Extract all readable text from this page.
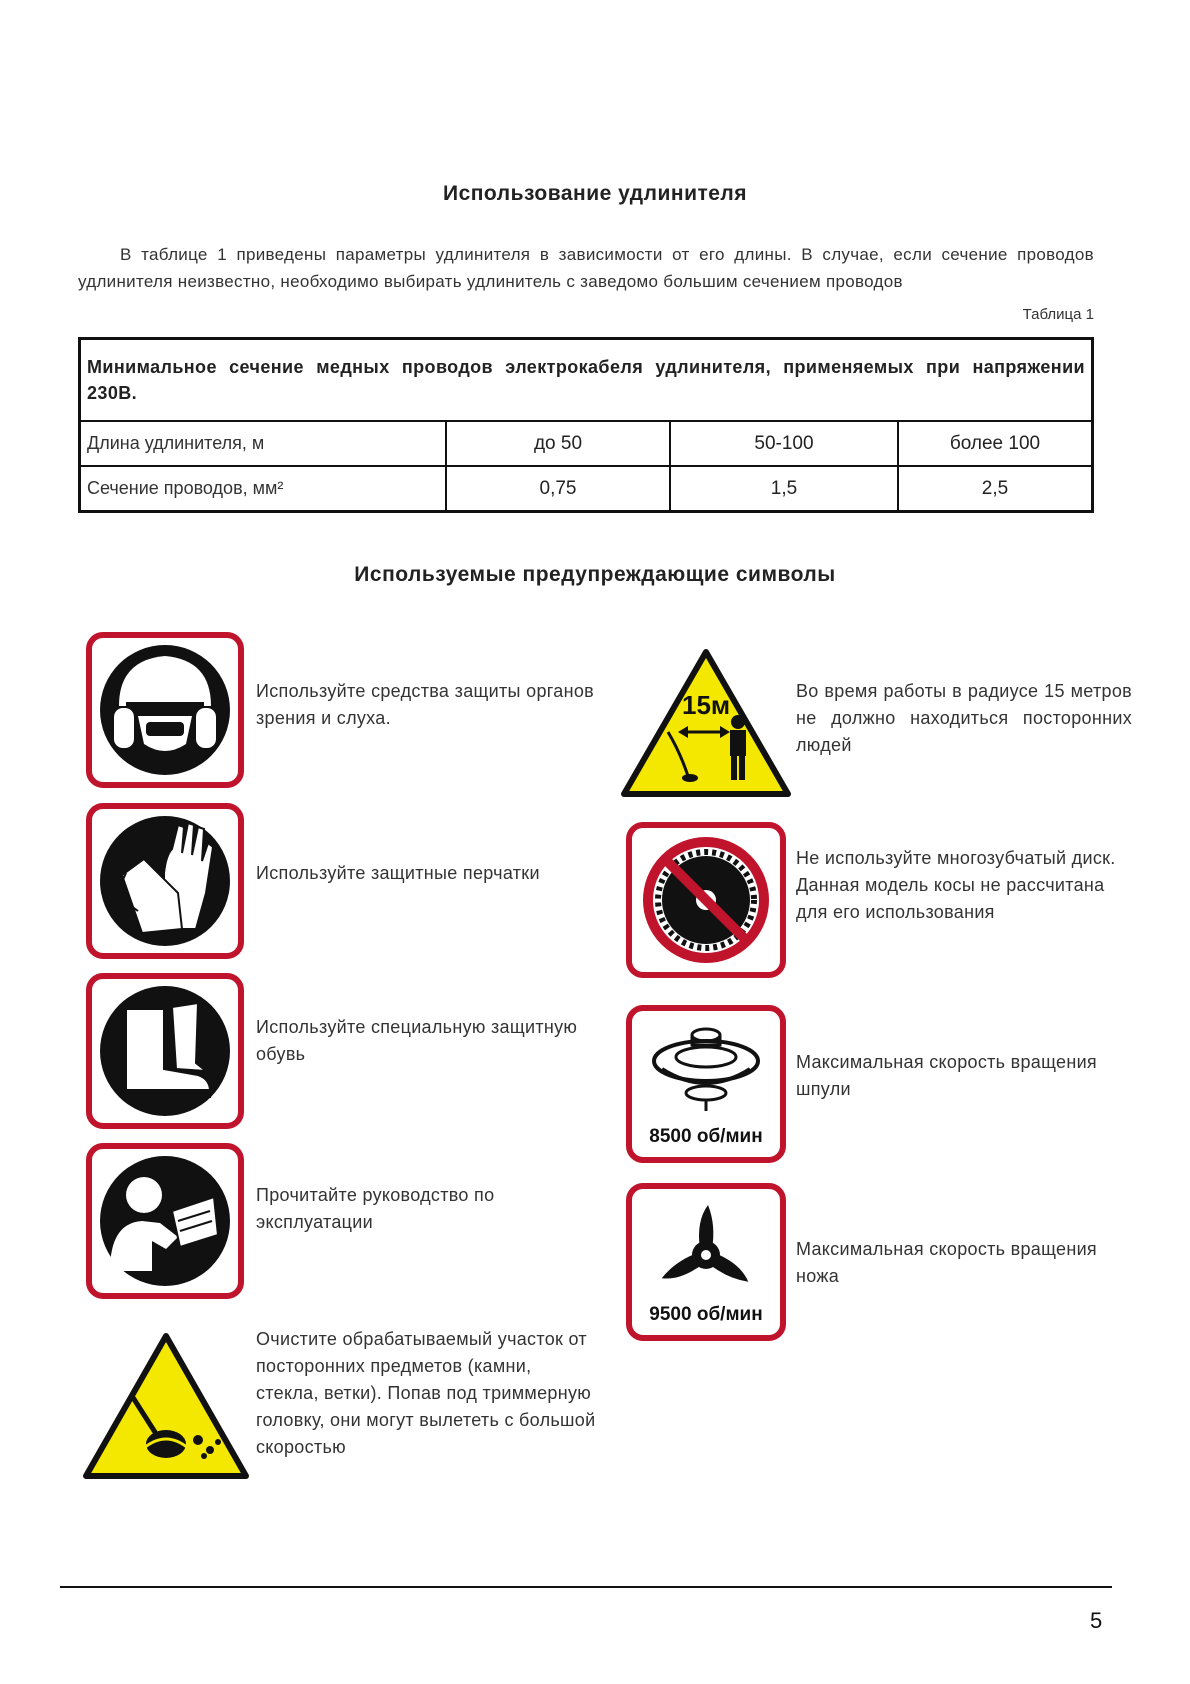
Использование удлинителя
В таблице 1 приведены параметры удлинителя в зависимости от его длины. В случае, если сечение проводов удлинителя неизвестно, необходимо выбирать удлинитель с заведомо большим сечением проводов
Таблица 1
Минимальное сечение медных проводов электрокабеля удлинителя, применяемых при напряжении 230В.			
Длина удлинителя, м	до 50	50-100	более 100
Сечение проводов, мм²	0,75	1,5	2,5
Используемые предупреждающие символы
Используйте средства защиты органов зрения и слуха.
Используйте защитные перчатки
Используйте специальную защитную обувь
Прочитайте руководство по эксплуатации
Очистите обрабатываемый участок от посторонних предметов (камни, стекла, ветки). Попав под триммерную головку, они могут вылететь с большой скоростью
15м	Во время работы в радиусе 15 метров не должно находиться посторонних людей
Не используйте многозубчатый диск. Данная модель косы не рассчитана для его использования
8500 об/мин
Максимальная скорость вращения шпули
9500 об/мин
Максимальная скорость вращения ножа
5
